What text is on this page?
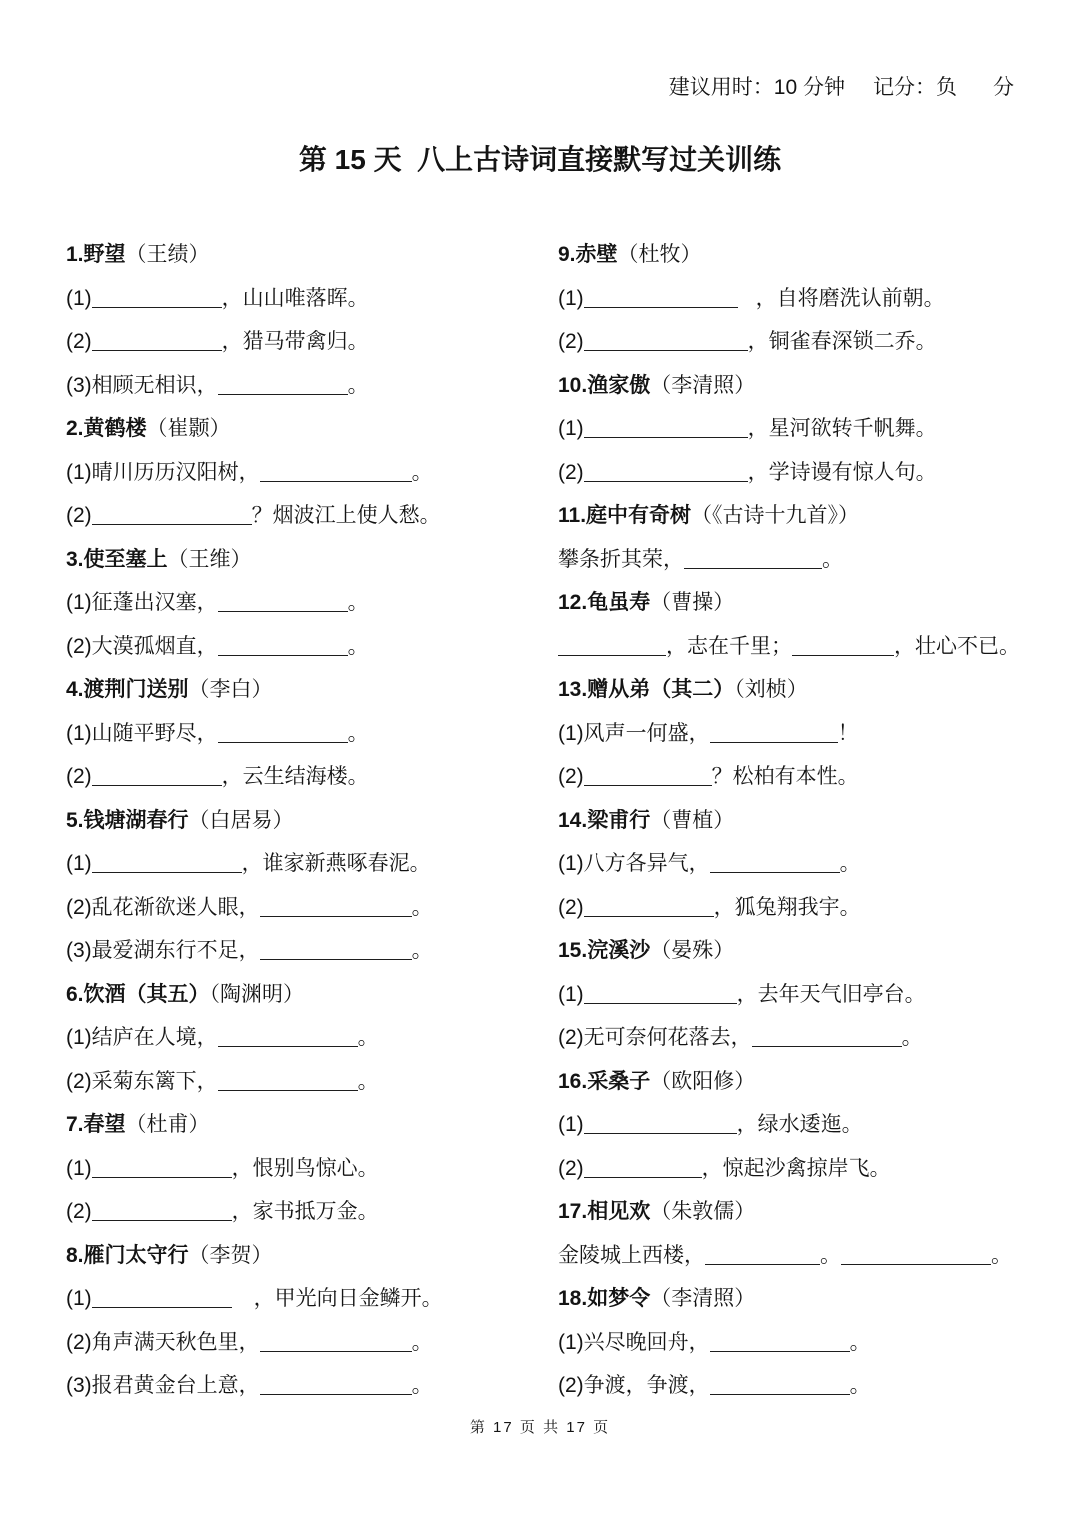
建议用时：10 分钟 记分：负 分
第 15 天  八上古诗词直接默写过关训练
1.野望（王绩）
(1)	，山山唯落晖。
(2)	，猎马带禽归。
(3)相顾无相识，	。
2.黄鹤楼（崔颢）
(1)晴川历历汉阳树，	。
(2)	？烟波江上使人愁。
3.使至塞上（王维）
(1)征蓬出汉塞，	。
(2)大漠孤烟直，	。
4.渡荆门送别（李白）
(1)山随平野尽，	。
(2)	，云生结海楼。
5.钱塘湖春行（白居易）
(1)	，谁家新燕啄春泥。
(2)乱花渐欲迷人眼，	。
(3)最爱湖东行不足，	。
6.饮酒（其五）（陶渊明）
(1)结庐在人境，	。
(2)采菊东篱下，	。
7.春望（杜甫）
(1)	，恨别鸟惊心。
(2)	，家书抵万金。
8.雁门太守行（李贺）
(1)	，甲光向日金鳞开。
(2)角声满天秋色里，	。
(3)报君黄金台上意，	。
9.赤壁（杜牧）
(1)	，自将磨洗认前朝。
(2)	，铜雀春深锁二乔。
10.渔家傲（李清照）
(1)	，星河欲转千帆舞。
(2)	，学诗谩有惊人句。
11.庭中有奇树（《古诗十九首》）
攀条折其荣，	。
12.龟虽寿（曹操）
，志在千里；	，壮心不已。
13.赠从弟（其二）（刘桢）
(1)风声一何盛，	！
(2)	？松柏有本性。
14.梁甫行（曹植）
(1)八方各异气，	。
(2)	，狐兔翔我宇。
15.浣溪沙（晏殊）
(1)	，去年天气旧亭台。
(2)无可奈何花落去，	。
16.采桑子（欧阳修）
(1)	，绿水逶迤。
(2)	，惊起沙禽掠岸飞。
17.相见欢（朱敦儒）
金陵城上西楼，	。	。
18.如梦令（李清照）
(1)兴尽晚回舟，	。
(2)争渡，争渡，	。
第 17 页 共 17 页
